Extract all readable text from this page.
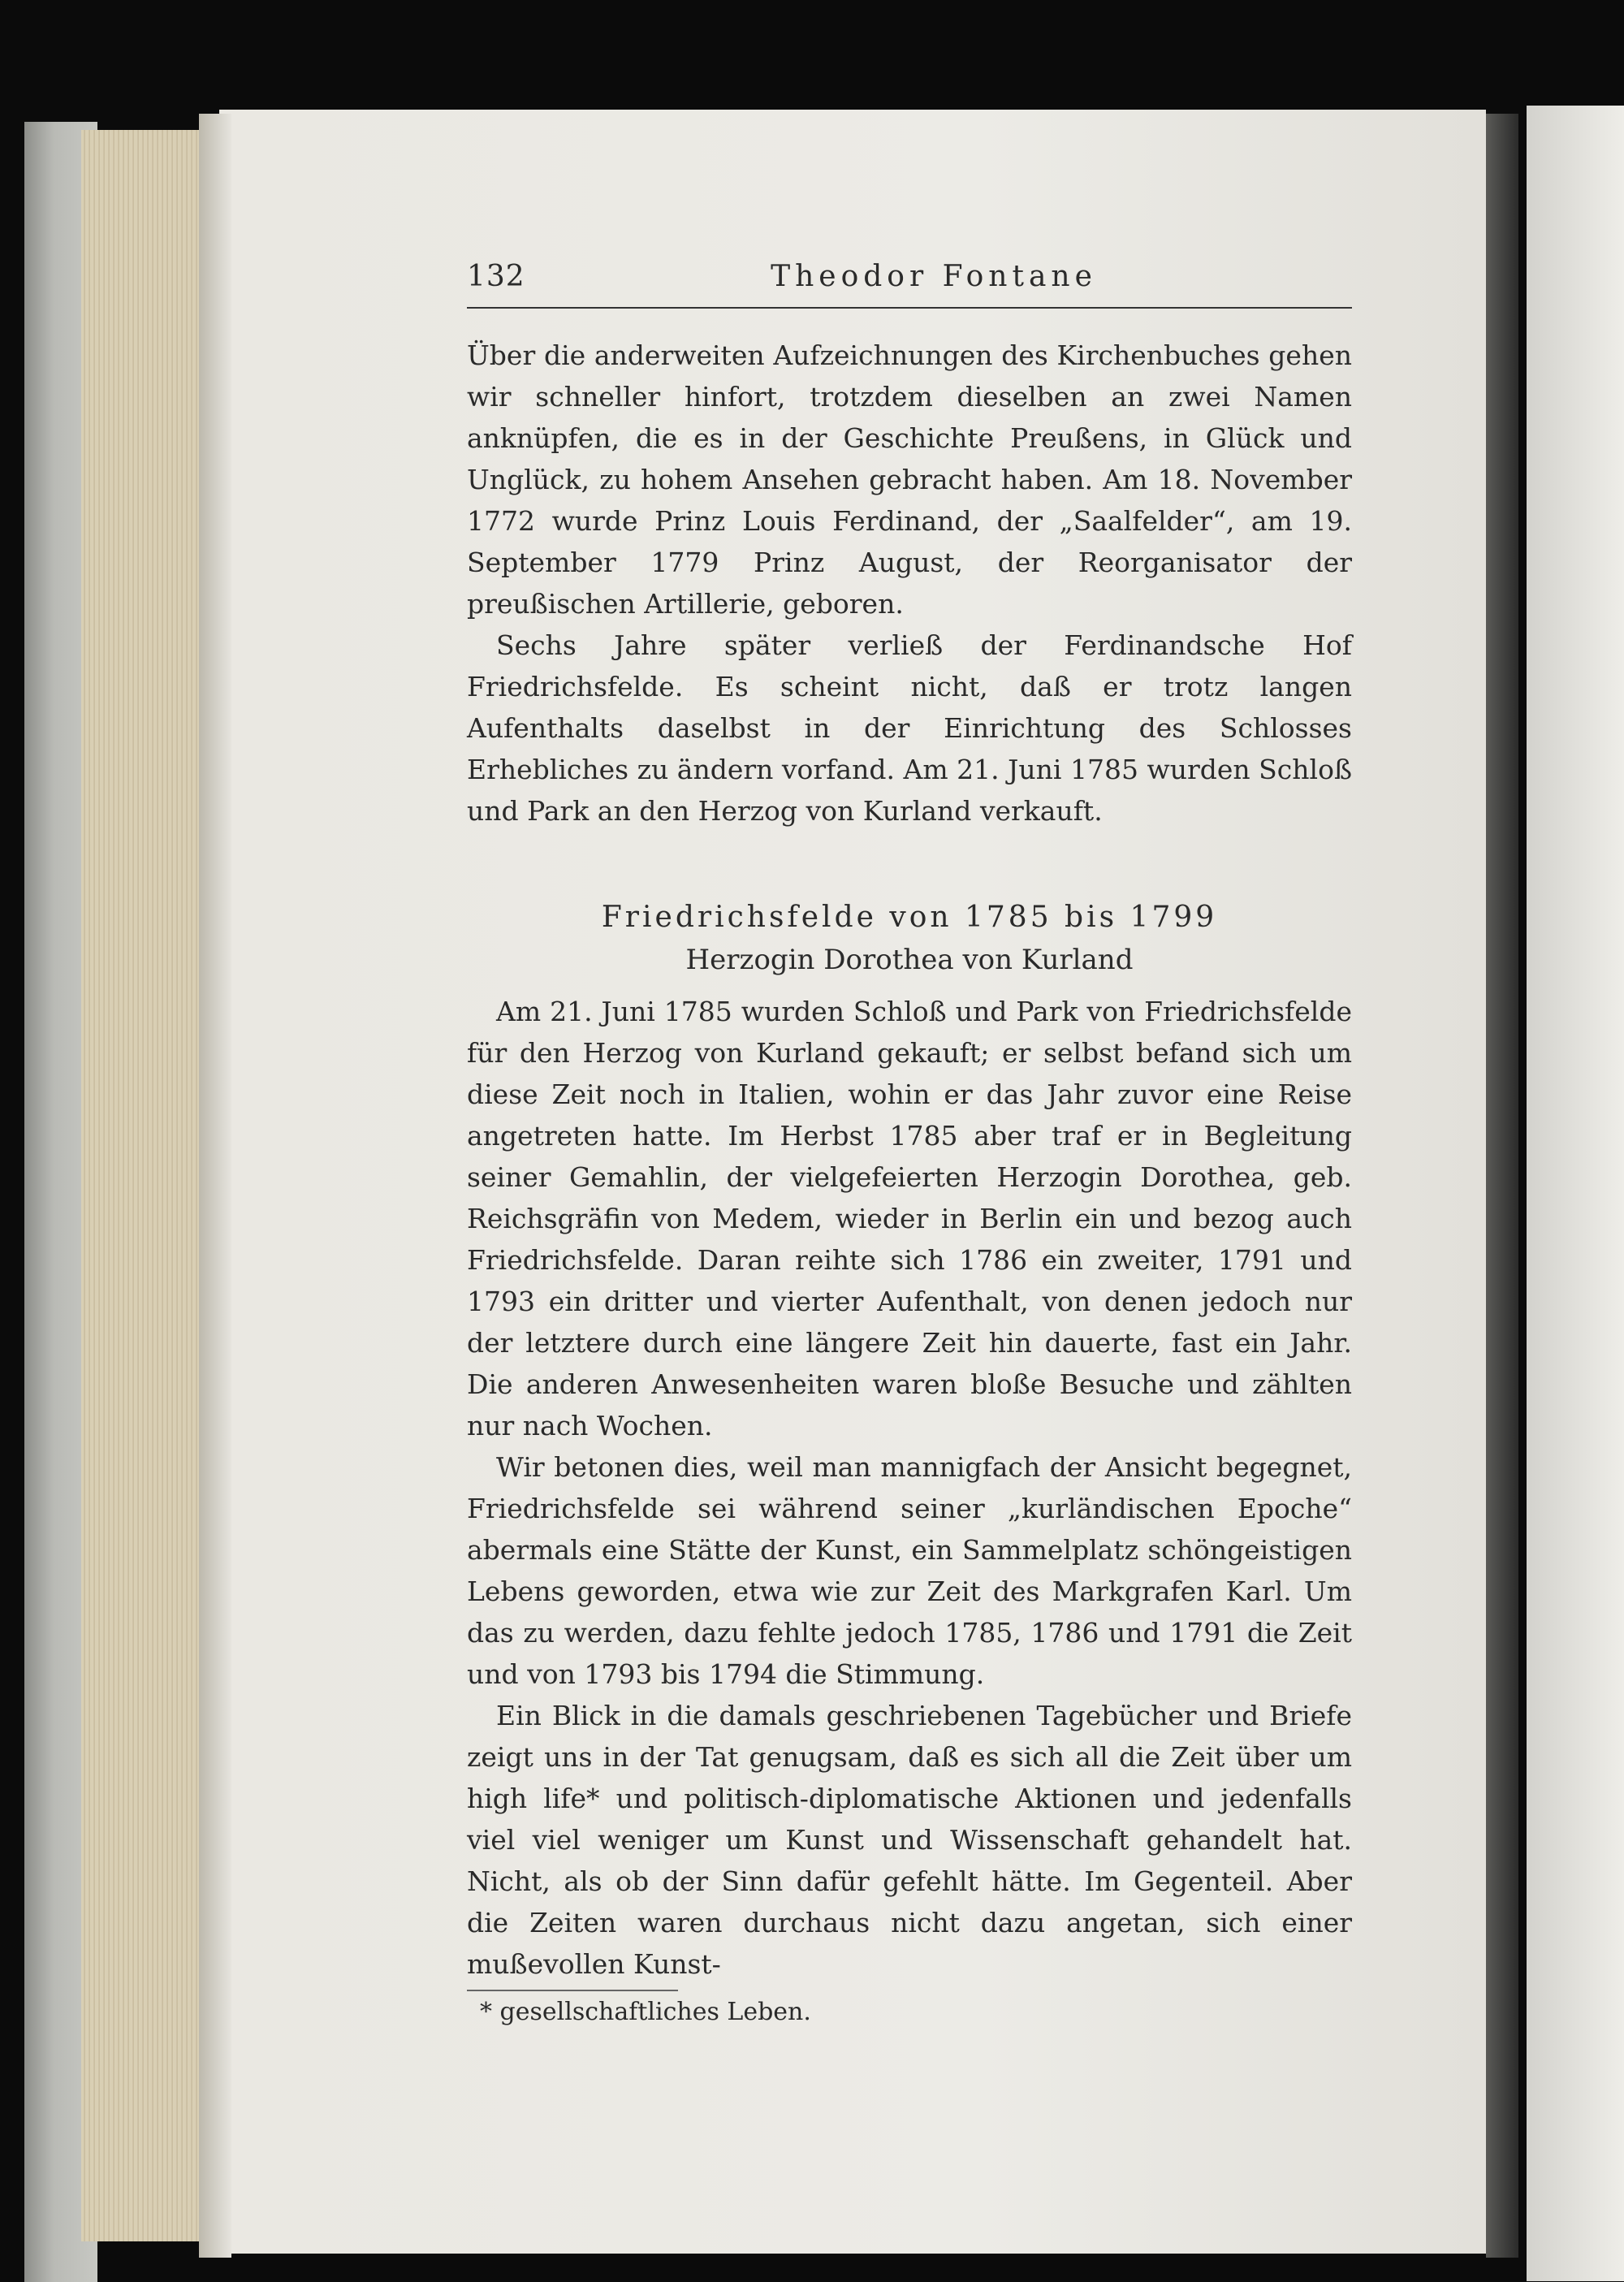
132	Theodor Fontane

Über die anderweiten Aufzeichnungen des Kirchenbuches gehen wir schneller hinfort, trotzdem dieselben an zwei Namen anknüpfen, die es in der Geschichte Preußens, in Glück und Unglück, zu hohem Ansehen gebracht haben. Am 18. November 1772 wurde Prinz Louis Ferdinand, der „Saalfelder“, am 19. September 1779 Prinz August, der Reorganisator der preußischen Artillerie, geboren.

Sechs Jahre später verließ der Ferdinandsche Hof Friedrichsfelde. Es scheint nicht, daß er trotz langen Aufenthalts daselbst in der Einrichtung des Schlosses Erhebliches zu ändern vorfand. Am 21. Juni 1785 wurden Schloß und Park an den Herzog von Kurland verkauft.

Friedrichsfelde von 1785 bis 1799
Herzogin Dorothea von Kurland

Am 21. Juni 1785 wurden Schloß und Park von Friedrichsfelde für den Herzog von Kurland gekauft; er selbst befand sich um diese Zeit noch in Italien, wohin er das Jahr zuvor eine Reise angetreten hatte. Im Herbst 1785 aber traf er in Begleitung seiner Gemahlin, der vielgefeierten Herzogin Dorothea, geb. Reichsgräfin von Medem, wieder in Berlin ein und bezog auch Friedrichsfelde. Daran reihte sich 1786 ein zweiter, 1791 und 1793 ein dritter und vierter Aufenthalt, von denen jedoch nur der letztere durch eine längere Zeit hin dauerte, fast ein Jahr. Die anderen Anwesenheiten waren bloße Besuche und zählten nur nach Wochen.

Wir betonen dies, weil man mannigfach der Ansicht begegnet, Friedrichsfelde sei während seiner „kurländischen Epoche“ abermals eine Stätte der Kunst, ein Sammelplatz schöngeistigen Lebens geworden, etwa wie zur Zeit des Markgrafen Karl. Um das zu werden, dazu fehlte jedoch 1785, 1786 und 1791 die Zeit und von 1793 bis 1794 die Stimmung.

Ein Blick in die damals geschriebenen Tagebücher und Briefe zeigt uns in der Tat genugsam, daß es sich all die Zeit über um high life* und politisch-diplomatische Aktionen und jedenfalls viel viel weniger um Kunst und Wissenschaft gehandelt hat. Nicht, als ob der Sinn dafür gefehlt hätte. Im Gegenteil. Aber die Zeiten waren durchaus nicht dazu angetan, sich einer mußevollen Kunst-

* gesellschaftliches Leben.
